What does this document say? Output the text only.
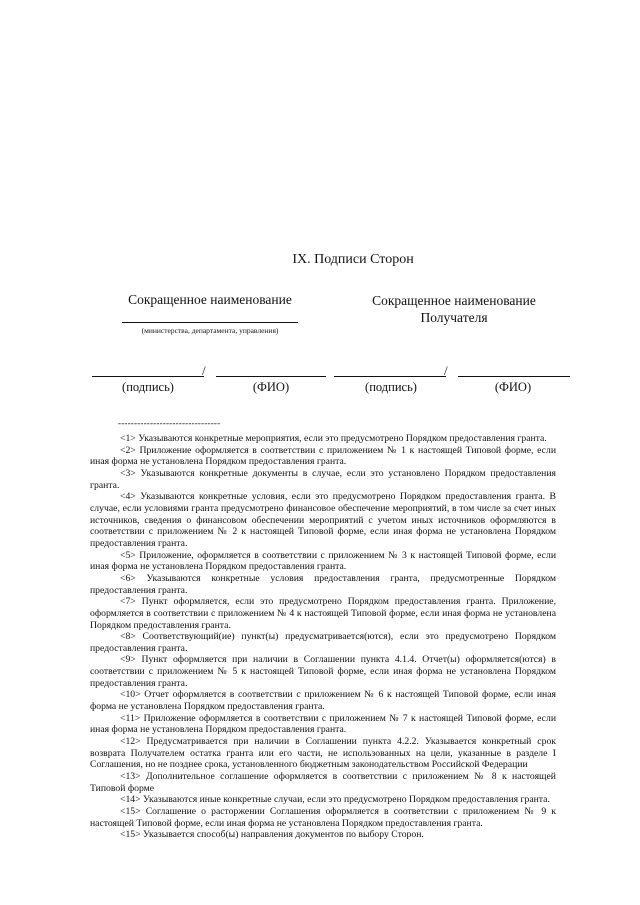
IX. Подписи Сторон
Сокращенное наименование	Сокращенное наименование
Получателя
(министерства, департамента, управления)
/	/
(подпись)	(ФИО)	(подпись)	(ФИО)
--------------------------------

<1> Указываются конкретные мероприятия, если это предусмотрено Порядком предоставления гранта.

<2> Приложение оформляется в соответствии с приложением № 1 к настоящей Типовой форме, если иная форма не установлена Порядком предоставления гранта.

<3> Указываются конкретные документы в случае, если это установлено Порядком предоставления гранта.

<4> Указываются конкретные условия, если это предусмотрено Порядком предоставления гранта. В случае, если условиями гранта предусмотрено финансовое обеспечение мероприятий, в том числе за счет иных источников, сведения о финансовом обеспечении мероприятий с учетом иных источников оформляются в соответствии с приложением № 2 к настоящей Типовой форме, если иная форма не установлена Порядком предоставления гранта.

<5> Приложение, оформляется в соответствии с приложением № 3 к настоящей Типовой форме, если иная форма не установлена Порядком предоставления гранта.

<6> Указываются конкретные условия предоставления гранта, предусмотренные Порядком предоставления гранта.

<7> Пункт оформляется, если это предусмотрено Порядком предоставления гранта. Приложение, оформляется в соответствии с приложением № 4 к настоящей Типовой форме, если иная форма не установлена Порядком предоставления гранта.

<8> Соответствующий(ие) пункт(ы) предусматривается(ются), если это предусмотрено Порядком предоставления гранта.

<9> Пункт оформляется при наличии в Соглашении пункта 4.1.4. Отчет(ы) оформляется(ются) в соответствии с приложением № 5 к настоящей Типовой форме, если иная форма не установлена Порядком предоставления гранта.

<10> Отчет оформляется в соответствии с приложением № 6 к настоящей Типовой форме, если иная форма не установлена Порядком предоставления гранта.

<11> Приложение оформляется в соответствии с приложением № 7 к настоящей Типовой форме, если иная форма не установлена Порядком предоставления гранта.

<12> Предусматривается при наличии в Соглашении пункта 4.2.2. Указывается конкретный срок возврата Получателем остатка гранта или его части, не использованных на цели, указанные в разделе I Соглашения, но не позднее срока, установленного бюджетным законодательством Российской Федерации

<13> Дополнительное соглашение оформляется в соответствии с приложением № 8 к настоящей Типовой форме

<14> Указываются иные конкретные случаи, если это предусмотрено Порядком предоставления гранта.

<15> Соглашение о расторжении Соглашения оформляется в соответствии с приложением № 9 к настоящей Типовой форме, если иная форма не установлена Порядком предоставления гранта.

<15> Указывается способ(ы) направления документов по выбору Сторон.
